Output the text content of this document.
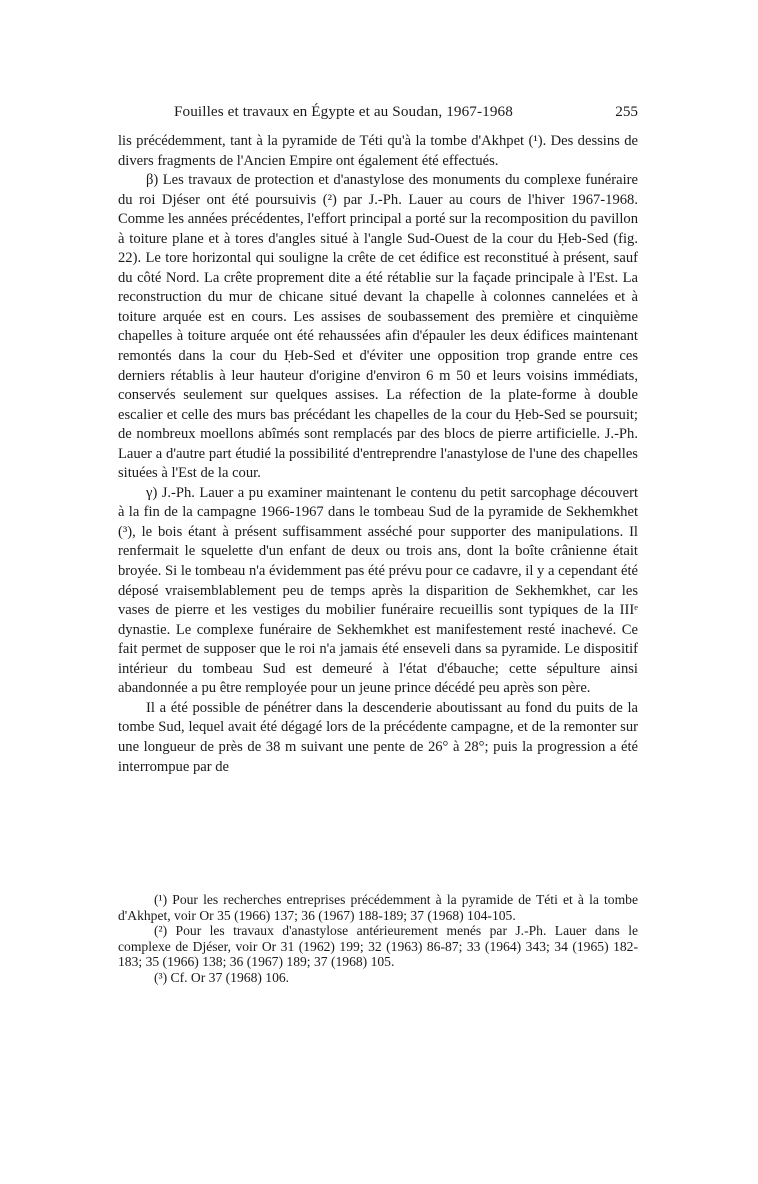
Fouilles et travaux en Égypte et au Soudan, 1967-1968	255

lis précédemment, tant à la pyramide de Téti qu'à la tombe d'Akhpet (¹). Des dessins de divers fragments de l'Ancien Empire ont également été effectués.

β) Les travaux de protection et d'anastylose des monuments du complexe funéraire du roi Djéser ont été poursuivis (²) par J.-Ph. Lauer au cours de l'hiver 1967-1968. Comme les années précédentes, l'effort principal a porté sur la recomposition du pavillon à toiture plane et à tores d'angles situé à l'angle Sud-Ouest de la cour du Ḥeb-Sed (fig. 22). Le tore horizontal qui souligne la crête de cet édifice est reconstitué à présent, sauf du côté Nord. La crête proprement dite a été rétablie sur la façade principale à l'Est. La reconstruction du mur de chicane situé devant la chapelle à colonnes cannelées et à toiture arquée est en cours. Les assises de soubassement des première et cinquième chapelles à toiture arquée ont été rehaussées afin d'épauler les deux édifices maintenant remontés dans la cour du Ḥeb-Sed et d'éviter une opposition trop grande entre ces derniers rétablis à leur hauteur d'origine d'environ 6 m 50 et leurs voisins immédiats, conservés seulement sur quelques assises. La réfection de la plate-forme à double escalier et celle des murs bas précédant les chapelles de la cour du Ḥeb-Sed se poursuit; de nombreux moellons abîmés sont remplacés par des blocs de pierre artificielle. J.-Ph. Lauer a d'autre part étudié la possibilité d'entreprendre l'anastylose de l'une des chapelles situées à l'Est de la cour.

γ) J.-Ph. Lauer a pu examiner maintenant le contenu du petit sarcophage découvert à la fin de la campagne 1966-1967 dans le tombeau Sud de la pyramide de Sekhemkhet (³), le bois étant à présent suffisamment asséché pour supporter des manipulations. Il renfermait le squelette d'un enfant de deux ou trois ans, dont la boîte crânienne était broyée. Si le tombeau n'a évidemment pas été prévu pour ce cadavre, il y a cependant été déposé vraisemblablement peu de temps après la disparition de Sekhemkhet, car les vases de pierre et les vestiges du mobilier funéraire recueillis sont typiques de la IIIᵉ dynastie. Le complexe funéraire de Sekhemkhet est manifestement resté inachevé. Ce fait permet de supposer que le roi n'a jamais été enseveli dans sa pyramide. Le dispositif intérieur du tombeau Sud est demeuré à l'état d'ébauche; cette sépulture ainsi abandonnée a pu être remployée pour un jeune prince décédé peu après son père.

Il a été possible de pénétrer dans la descenderie aboutissant au fond du puits de la tombe Sud, lequel avait été dégagé lors de la précédente campagne, et de la remonter sur une longueur de près de 38 m suivant une pente de 26° à 28°; puis la progression a été interrompue par de

(¹) Pour les recherches entreprises précédemment à la pyramide de Téti et à la tombe d'Akhpet, voir Or 35 (1966) 137; 36 (1967) 188-189; 37 (1968) 104-105.

(²) Pour les travaux d'anastylose antérieurement menés par J.-Ph. Lauer dans le complexe de Djéser, voir Or 31 (1962) 199; 32 (1963) 86-87; 33 (1964) 343; 34 (1965) 182-183; 35 (1966) 138; 36 (1967) 189; 37 (1968) 105.

(³) Cf. Or 37 (1968) 106.
